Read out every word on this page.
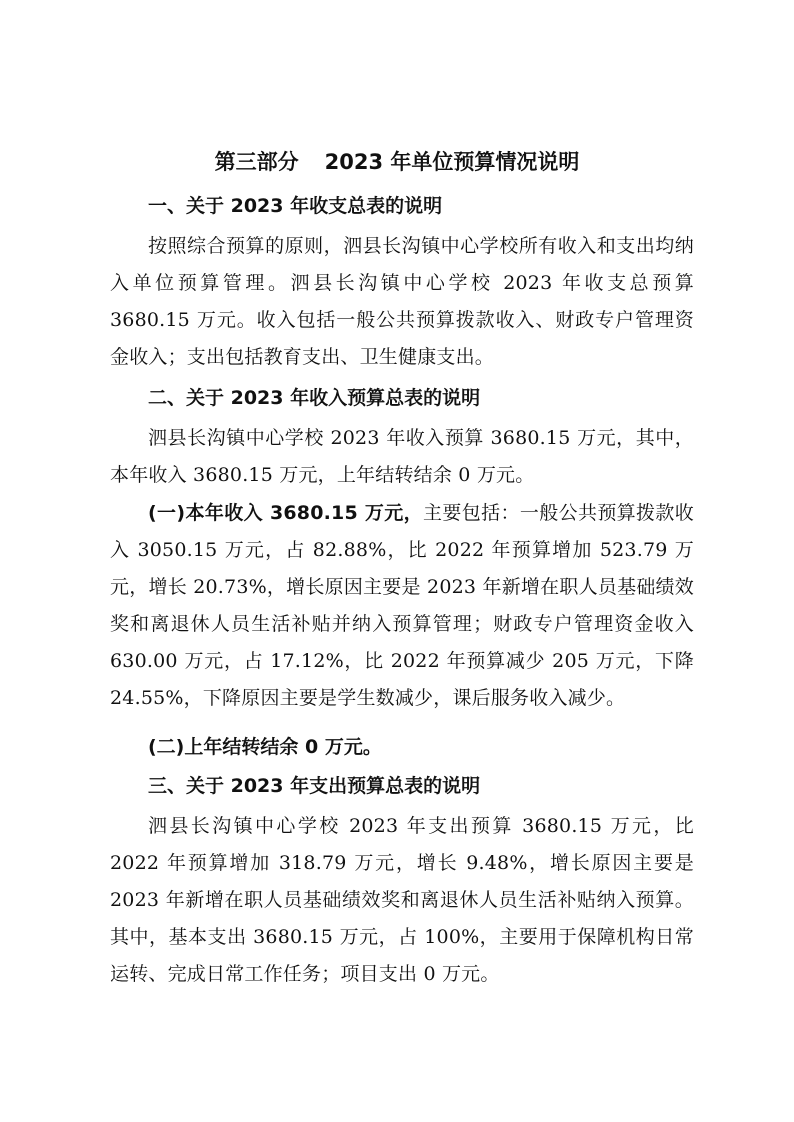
第三部分 2023 年单位预算情况说明
一、关于 2023 年收支总表的说明
按照综合预算的原则，泗县长沟镇中心学校所有收入和支出均纳入单位预算管理。泗县长沟镇中心学校 2023 年收支总预算 3680.15 万元。收入包括一般公共预算拨款收入、财政专户管理资金收入；支出包括教育支出、卫生健康支出。
二、关于 2023 年收入预算总表的说明
泗县长沟镇中心学校 2023 年收入预算 3680.15 万元，其中，本年收入 3680.15 万元，上年结转结余 0 万元。
(一)本年收入 3680.15 万元，主要包括：一般公共预算拨款收入 3050.15 万元，占 82.88%，比 2022 年预算增加 523.79 万元，增长 20.73%，增长原因主要是 2023 年新增在职人员基础绩效奖和离退休人员生活补贴并纳入预算管理；财政专户管理资金收入 630.00 万元，占 17.12%，比 2022 年预算减少 205 万元，下降 24.55%，下降原因主要是学生数减少，课后服务收入减少。
(二)上年结转结余 0 万元。
三、关于 2023 年支出预算总表的说明
泗县长沟镇中心学校 2023 年支出预算 3680.15 万元，比 2022 年预算增加 318.79 万元，增长 9.48%，增长原因主要是 2023 年新增在职人员基础绩效奖和离退休人员生活补贴纳入预算。其中，基本支出 3680.15 万元，占 100%，主要用于保障机构日常运转、完成日常工作任务；项目支出 0 万元。
